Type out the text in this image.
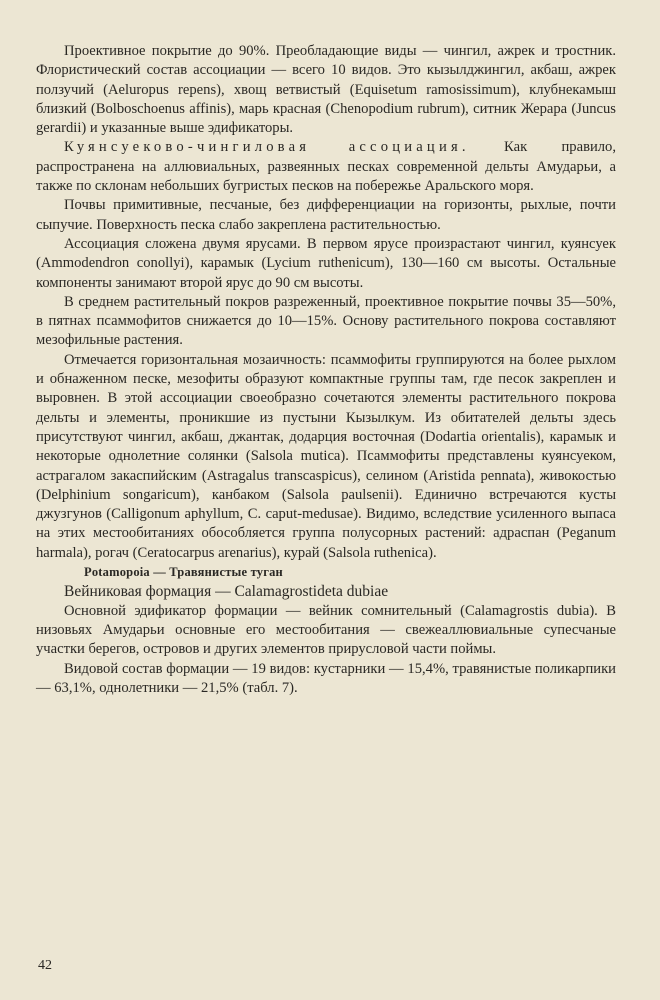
Проективное покрытие до 90%. Преобладающие виды — чингил, ажрек и тростник. Флористический состав ассоциации — всего 10 видов. Это кызылджингил, акбаш, ажрек ползучий (Aeluropus repens), хвощ ветвистый (Equisetum ramosissimum), клубнекамыш близкий (Bolboschoenus affinis), марь красная (Chenopodium rubrum), ситник Жерара (Juncus gerardii) и указанные выше эдификаторы.

Куянсуеково-чингиловая ассоциация. Как правило, распространена на аллювиальных, развеянных песках современной дельты Амударьи, а также по склонам небольших бугристых песков на побережье Аральского моря.

Почвы примитивные, песчаные, без дифференциации на горизонты, рыхлые, почти сыпучие. Поверхность песка слабо закреплена растительностью.

Ассоциация сложена двумя ярусами. В первом ярусе произрастают чингил, куянсуек (Ammodendron conollyi), карамык (Lycium ruthenicum), 130—160 см высоты. Остальные компоненты занимают второй ярус до 90 см высоты.

В среднем растительный покров разреженный, проективное покрытие почвы 35—50%, в пятнах псаммофитов снижается до 10—15%. Основу растительного покрова составляют мезофильные растения.

Отмечается горизонтальная мозаичность: псаммофиты группируются на более рыхлом и обнаженном песке, мезофиты образуют компактные группы там, где песок закреплен и выровнен. В этой ассоциации своеобразно сочетаются элементы растительного покрова дельты и элементы, проникшие из пустыни Кызылкум. Из обитателей дельты здесь присутствуют чингил, акбаш, джантак, додарция восточная (Dodartia orientalis), карамык и некоторые однолетние солянки (Salsola mutica). Псаммофиты представлены куянсуеком, астрагалом закаспийским (Astragalus transcaspicus), селином (Aristida pennata), живокостью (Delphinium songaricum), канбаком (Salsola paulsenii). Единично встречаются кусты джузгунов (Calligonum aphyllum, C. caput-medusae). Видимо, вследствие усиленного выпаса на этих местообитаниях обособляется группа полусорных растений: адраспан (Peganum harmala), рогач (Ceratocarpus arenarius), курай (Salsola ruthenica).

Potamopoia — Травянистые туган

Вейниковая формация — Calamagrostideta dubiae

Основной эдификатор формации — вейник сомнительный (Calamagrostis dubia). В низовьях Амударьи основные его местообитания — свежеаллювиальные супесчаные участки берегов, островов и других элементов прирусловой части поймы.

Видовой состав формации — 19 видов: кустарники — 15,4%, травянистые поликарпики — 63,1%, однолетники — 21,5% (табл. 7).

42
